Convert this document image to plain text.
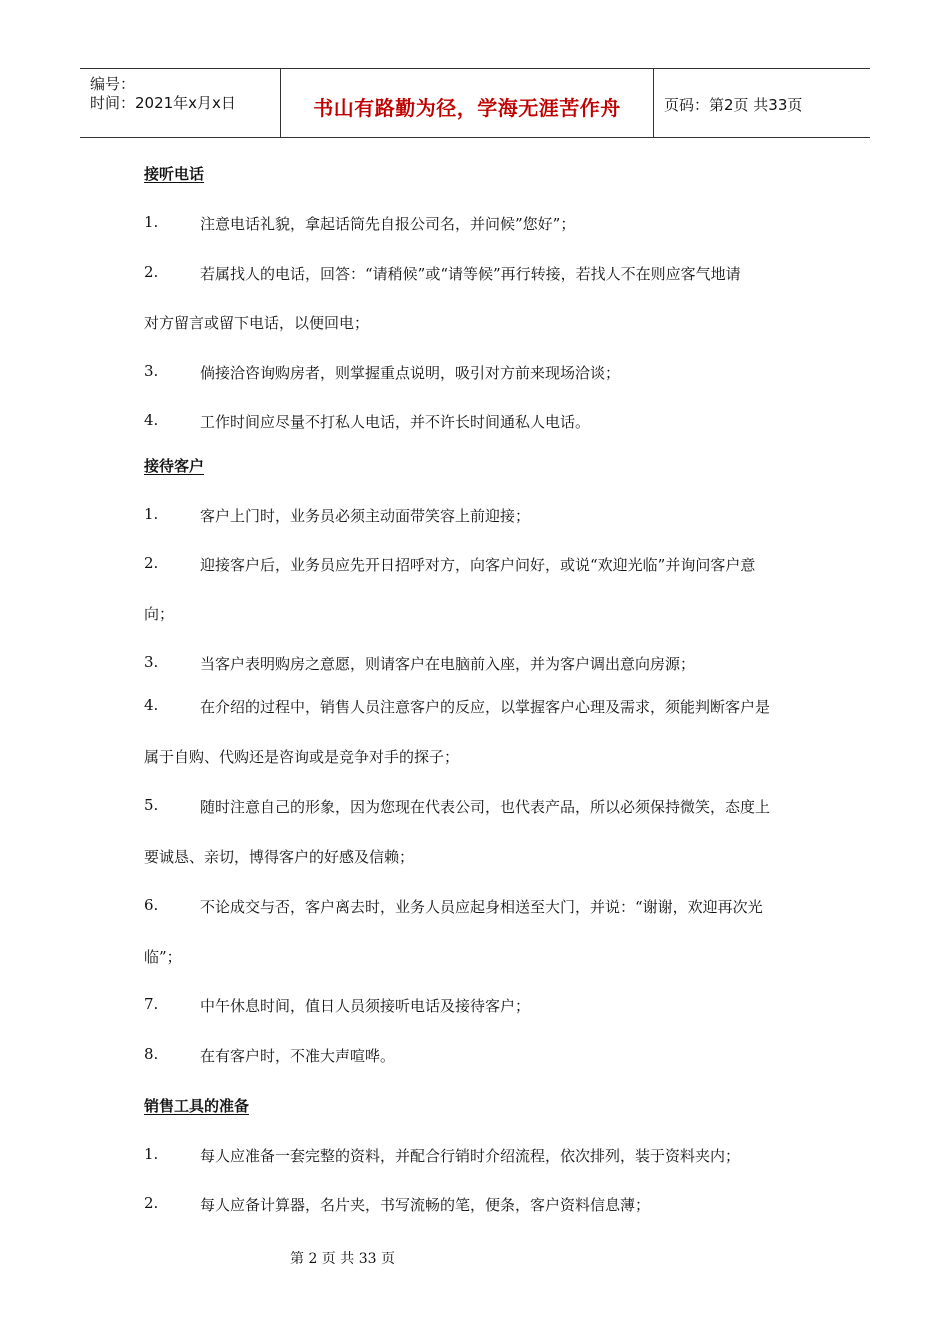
编号：
时间：2021年x月x日	书山有路勤为径，学海无涯苦作舟	页码：第2页 共33页
接听电话
1.	注意电话礼貌，拿起话筒先自报公司名，并问候”您好”；
2.	若属找人的电话，回答：“请稍候”或“请等候”再行转接，若找人不在则应客气地请
对方留言或留下电话，以便回电；
3.	倘接洽咨询购房者，则掌握重点说明，吸引对方前来现场洽谈；
4.	工作时间应尽量不打私人电话，并不许长时间通私人电话。
接待客户
1.	客户上门时，业务员必须主动面带笑容上前迎接；
2.	迎接客户后，业务员应先开日招呼对方，向客户问好，或说“欢迎光临”并询问客户意
向；
3.	当客户表明购房之意愿，则请客户在电脑前入座，并为客户调出意向房源；
4.	在介绍的过程中，销售人员注意客户的反应，以掌握客户心理及需求，须能判断客户是
属于自购、代购还是咨询或是竞争对手的探子；
5.	随时注意自己的形象，因为您现在代表公司，也代表产品，所以必须保持微笑，态度上
要诚恳、亲切，博得客户的好感及信赖；
6.	不论成交与否，客户离去时，业务人员应起身相送至大门，并说：“谢谢，欢迎再次光
临”；
7.	中午休息时间，值日人员须接听电话及接待客户；
8.	在有客户时，不准大声喧哗。
销售工具的准备
1.	每人应准备一套完整的资料，并配合行销时介绍流程，依次排列，装于资料夹内；
2.	每人应备计算器，名片夹，书写流畅的笔，便条，客户资料信息薄；
第 2 页 共 33 页
